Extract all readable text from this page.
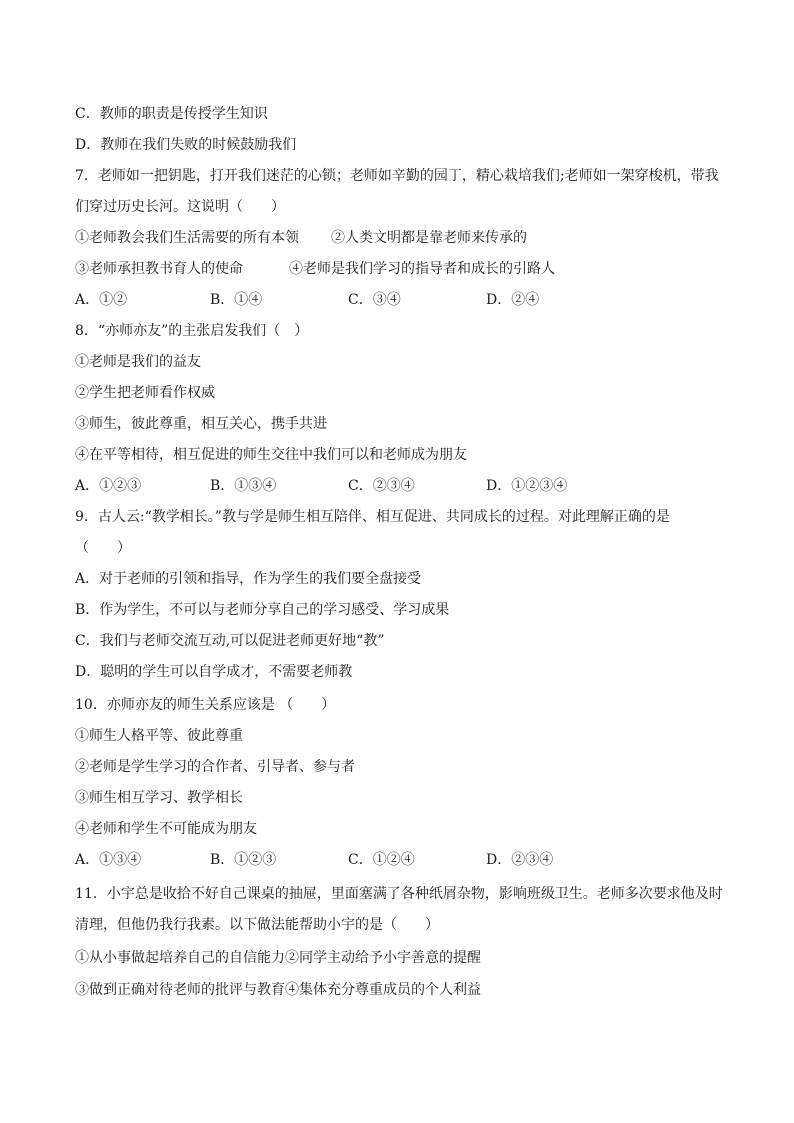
C．教师的职责是传授学生知识
D．教师在我们失败的时候鼓励我们
7．老师如一把钥匙，打开我们迷茫的心锁；老师如辛勤的园丁，精心栽培我们;老师如一架穿梭机，带我
们穿过历史长河。这说明（　　）
①老师教会我们生活需要的所有本领 ②人类文明都是靠老师来传承的
③老师承担教书育人的使命	④老师是我们学习的指导者和成长的引路人
A．①②	B．①④	C．③④	D．②④
8．“亦师亦友”的主张启发我们（　）
①老师是我们的益友
②学生把老师看作权威
③师生，彼此尊重，相互关心，携手共进
④在平等相待，相互促进的师生交往中我们可以和老师成为朋友
A．①②③	B．①③④	C．②③④	D．①②③④
9．古人云:“教学相长。”教与学是师生相互陪伴、相互促进、共同成长的过程。对此理解正确的是
（　　）
A．对于老师的引领和指导，作为学生的我们要全盘接受
B．作为学生，不可以与老师分享自己的学习感受、学习成果
C．我们与老师交流互动,可以促进老师更好地“教”
D．聪明的学生可以自学成才，不需要老师教
10．亦师亦友的师生关系应该是 （　　）
①师生人格平等、彼此尊重
②老师是学生学习的合作者、引导者、参与者
③师生相互学习、教学相长
④老师和学生不可能成为朋友
A．①③④	B．①②③	C．①②④	D．②③④
11．小宇总是收拾不好自己课桌的抽屉，里面塞满了各种纸屑杂物，影响班级卫生。老师多次要求他及时
清理，但他仍我行我素。以下做法能帮助小宇的是（　　）
①从小事做起培养自己的自信能力②同学主动给予小宇善意的提醒
③做到正确对待老师的批评与教育④集体充分尊重成员的个人利益
